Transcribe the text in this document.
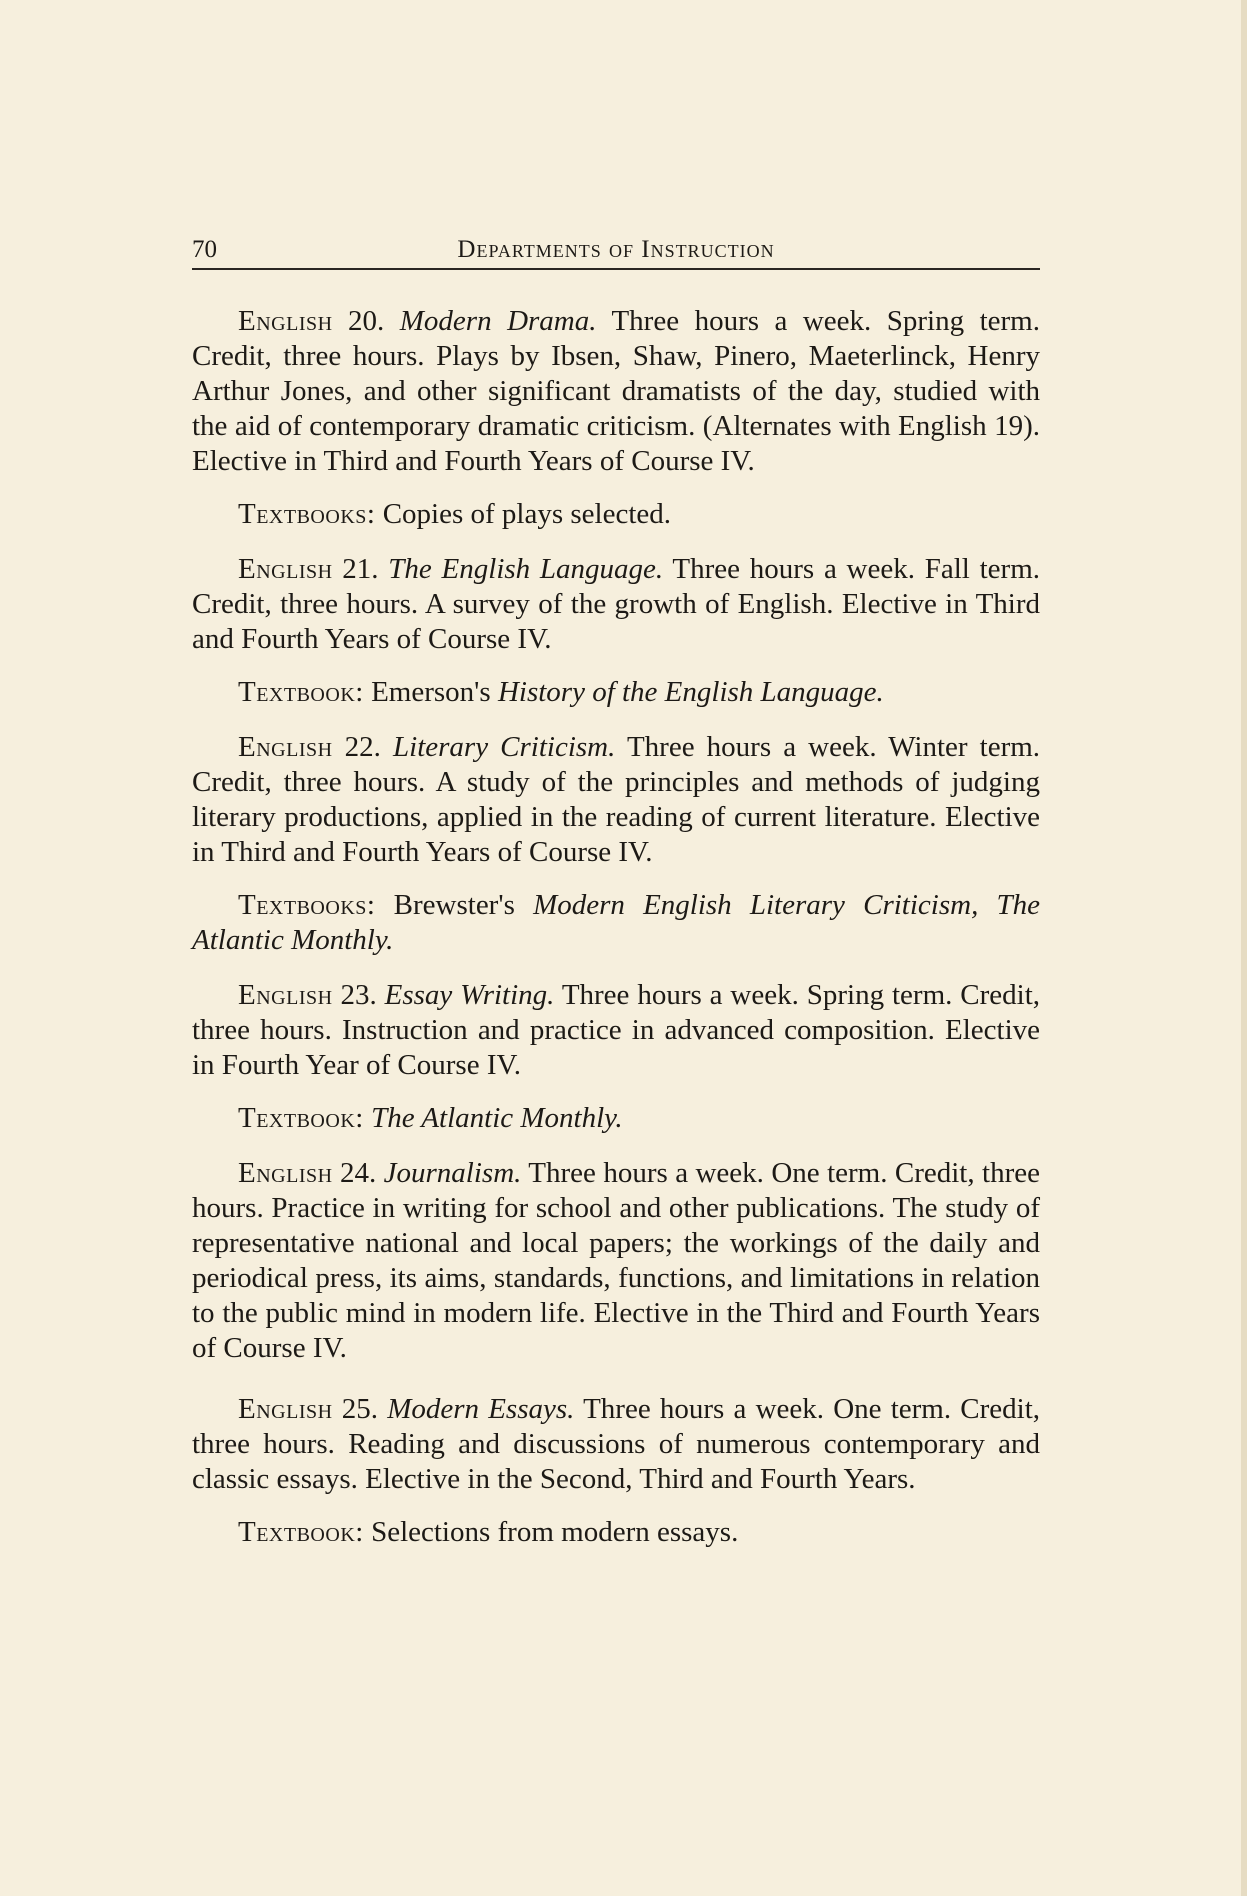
70	Departments of Instruction

English 20. Modern Drama. Three hours a week. Spring term. Credit, three hours. Plays by Ibsen, Shaw, Pinero, Maeterlinck, Henry Arthur Jones, and other significant dramatists of the day, studied with the aid of contemporary dramatic criticism. (Alternates with English 19). Elective in Third and Fourth Years of Course IV.

Textbooks: Copies of plays selected.

English 21. The English Language. Three hours a week. Fall term. Credit, three hours. A survey of the growth of English. Elective in Third and Fourth Years of Course IV.

Textbook: Emerson's History of the English Language.

English 22. Literary Criticism. Three hours a week. Winter term. Credit, three hours. A study of the principles and methods of judging literary productions, applied in the reading of current literature. Elective in Third and Fourth Years of Course IV.

Textbooks: Brewster's Modern English Literary Criticism, The Atlantic Monthly.

English 23. Essay Writing. Three hours a week. Spring term. Credit, three hours. Instruction and practice in advanced composition. Elective in Fourth Year of Course IV.

Textbook: The Atlantic Monthly.

English 24. Journalism. Three hours a week. One term. Credit, three hours. Practice in writing for school and other publications. The study of representative national and local papers; the workings of the daily and periodical press, its aims, standards, functions, and limitations in relation to the public mind in modern life. Elective in the Third and Fourth Years of Course IV.

English 25. Modern Essays. Three hours a week. One term. Credit, three hours. Reading and discussions of numerous contemporary and classic essays. Elective in the Second, Third and Fourth Years.

Textbook: Selections from modern essays.
